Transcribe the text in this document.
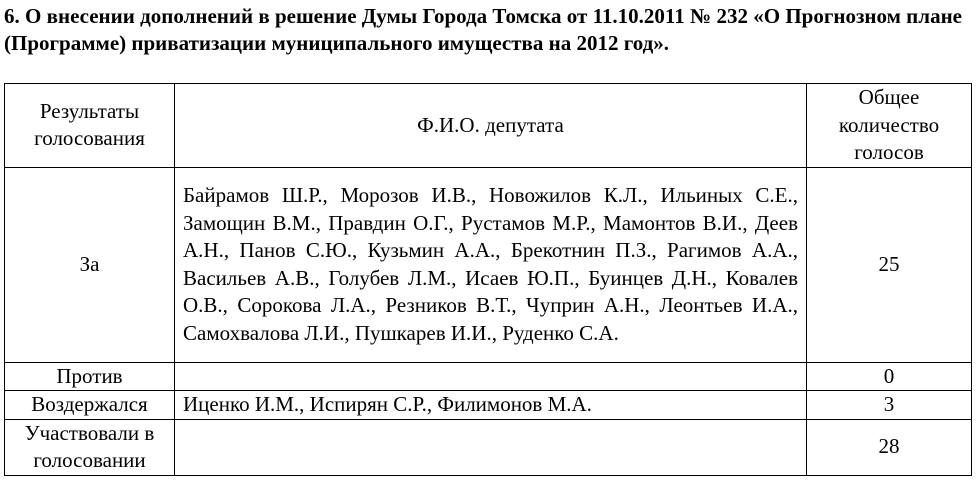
6. О внесении дополнений в решение Думы Города Томска от 11.10.2011 № 232 «О Прогнозном плане (Программе) приватизации муниципального имущества на 2012 год».
Результаты голосования	Ф.И.О. депутата	Общее количество голосов
За	Байрамов Ш.Р., Морозов И.В., Новожилов К.Л., Ильиных С.Е., Замощин В.М., Правдин О.Г., Рустамов М.Р., Мамонтов В.И., Деев А.Н., Панов С.Ю., Кузьмин А.А., Брекотнин П.З., Рагимов А.А., Васильев А.В., Голубев Л.М., Исаев Ю.П., Буинцев Д.Н., Ковалев О.В., Сорокова Л.А., Резников В.Т., Чуприн А.Н., Леонтьев И.А., Самохвалова Л.И., Пушкарев И.И., Руденко С.А.	25
Против		0
Воздержался	Иценко И.М., Испирян С.Р., Филимонов М.А.	3
Участвовали в голосовании		28
